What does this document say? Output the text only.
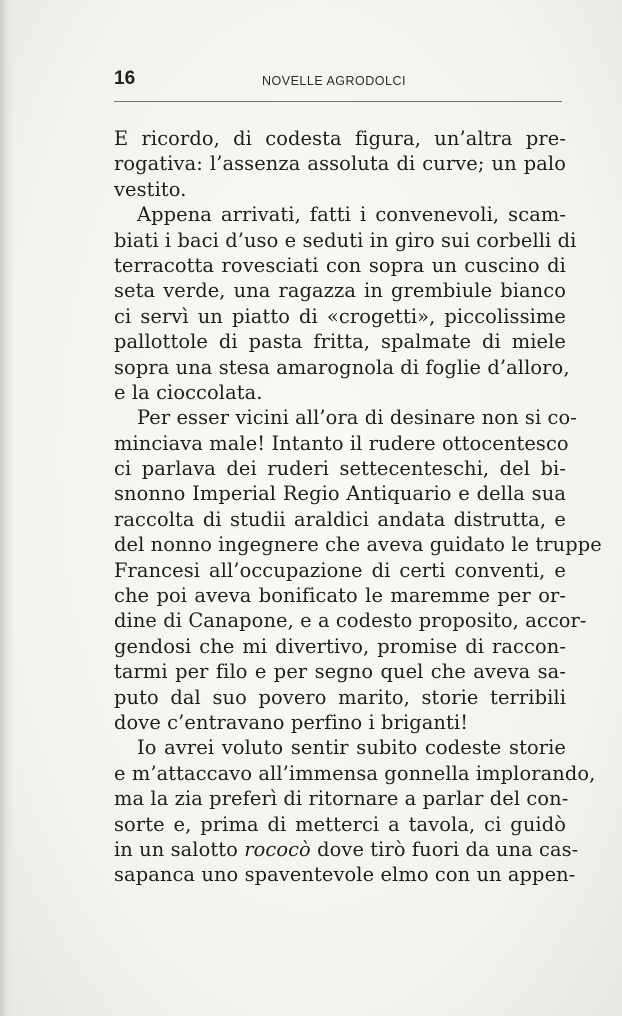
16	NOVELLE AGRODOLCI
E ricordo, di codesta figura, un’altra pre-
rogativa: l’assenza assoluta di curve; un palo
vestito.
Appena arrivati, fatti i convenevoli, scam-
biati i baci d’uso e seduti in giro sui corbelli di
terracotta rovesciati con sopra un cuscino di
seta verde, una ragazza in grembiule bianco
ci servì un piatto di «crogetti», piccolissime
pallottole di pasta fritta, spalmate di miele
sopra una stesa amarognola di foglie d’alloro,
e la cioccolata.
Per esser vicini all’ora di desinare non si co-
minciava male! Intanto il rudere ottocentesco
ci parlava dei ruderi settecenteschi, del bi-
snonno Imperial Regio Antiquario e della sua
raccolta di studii araldici andata distrutta, e
del nonno ingegnere che aveva guidato le truppe
Francesi all’occupazione di certi conventi, e
che poi aveva bonificato le maremme per or-
dine di Canapone, e a codesto proposito, accor-
gendosi che mi divertivo, promise di raccon-
tarmi per filo e per segno quel che aveva sa-
puto dal suo povero marito, storie terribili
dove c’entravano perfino i briganti!
Io avrei voluto sentir subito codeste storie
e m’attaccavo all’immensa gonnella implorando,
ma la zia preferì di ritornare a parlar del con-
sorte e, prima di metterci a tavola, ci guidò
in un salotto rococò dove tirò fuori da una cas-
sapanca uno spaventevole elmo con un appen-
